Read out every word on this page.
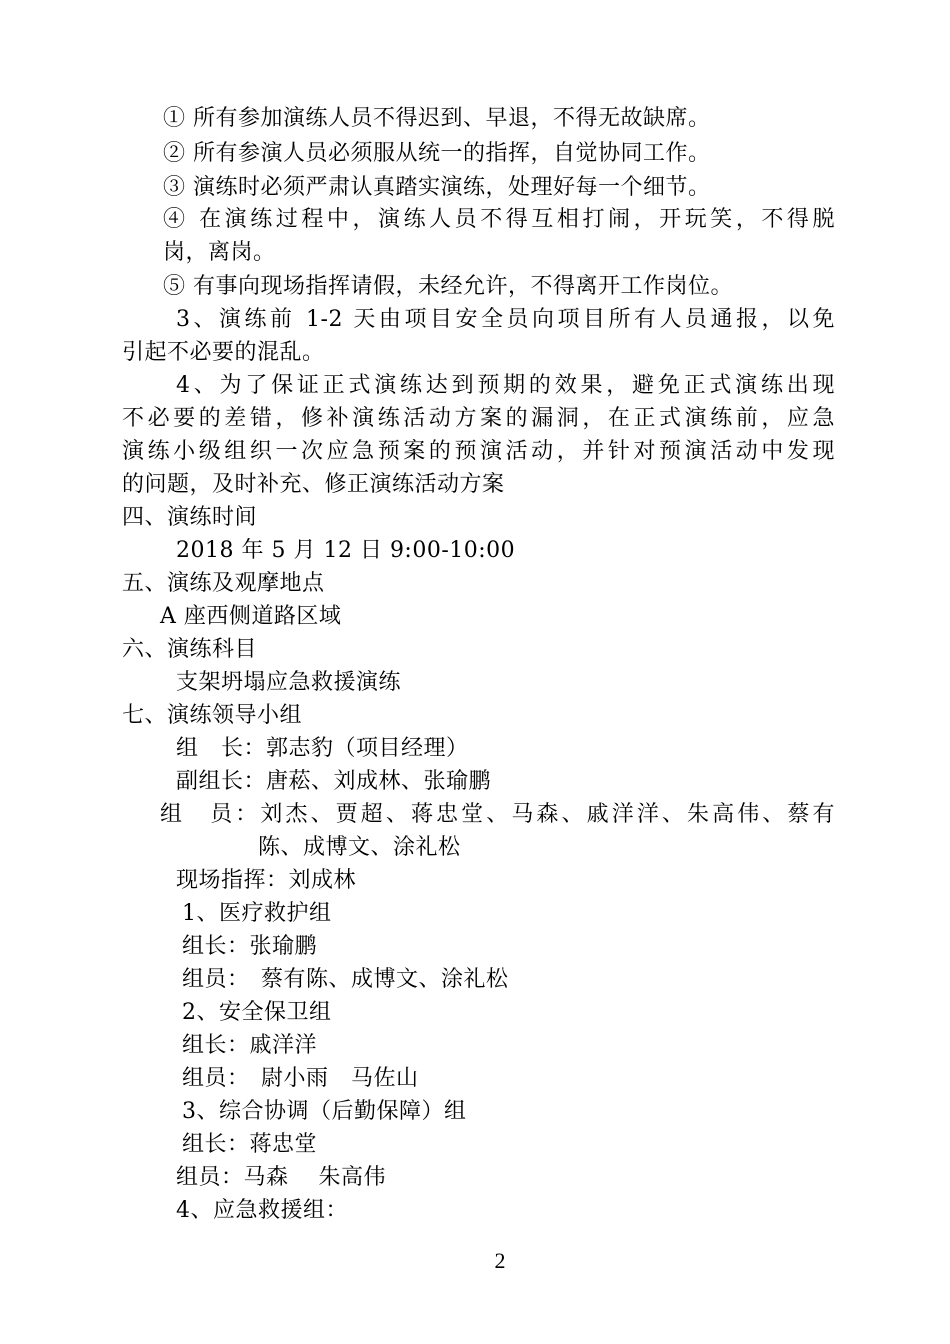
① 所有参加演练人员不得迟到、早退，不得无故缺席。
② 所有参演人员必须服从统一的指挥，自觉协同工作。
③ 演练时必须严肃认真踏实演练，处理好每一个细节。
④ 在演练过程中，演练人员不得互相打闹，开玩笑，不得脱
岗，离岗。
⑤ 有事向现场指挥请假，未经允许，不得离开工作岗位。
3、演练前 1-2 天由项目安全员向项目所有人员通报，以免
引起不必要的混乱。
4、为了保证正式演练达到预期的效果，避免正式演练出现
不必要的差错，修补演练活动方案的漏洞，在正式演练前，应急
演练小级组织一次应急预案的预演活动，并针对预演活动中发现
的问题，及时补充、修正演练活动方案
四、演练时间
2018 年 5 月 12 日 9:00-10:00
五、演练及观摩地点
A 座西侧道路区域
六、演练科目
支架坍塌应急救援演练
七、演练领导小组
组　长：郭志豹（项目经理）
副组长：唐菘、刘成林、张瑜鹏
组　员：刘杰、贾超、蒋忠堂、马森、戚洋洋、朱高伟、蔡有
陈、成博文、涂礼松
现场指挥：刘成林
1、医疗救护组
组长：张瑜鹏
组员：　蔡有陈、成博文、涂礼松
2、安全保卫组
组长：戚洋洋
组员：　尉小雨　马佐山
3、综合协调（后勤保障）组
组长：蒋忠堂
组员：马森　 朱高伟
4、应急救援组：
2
